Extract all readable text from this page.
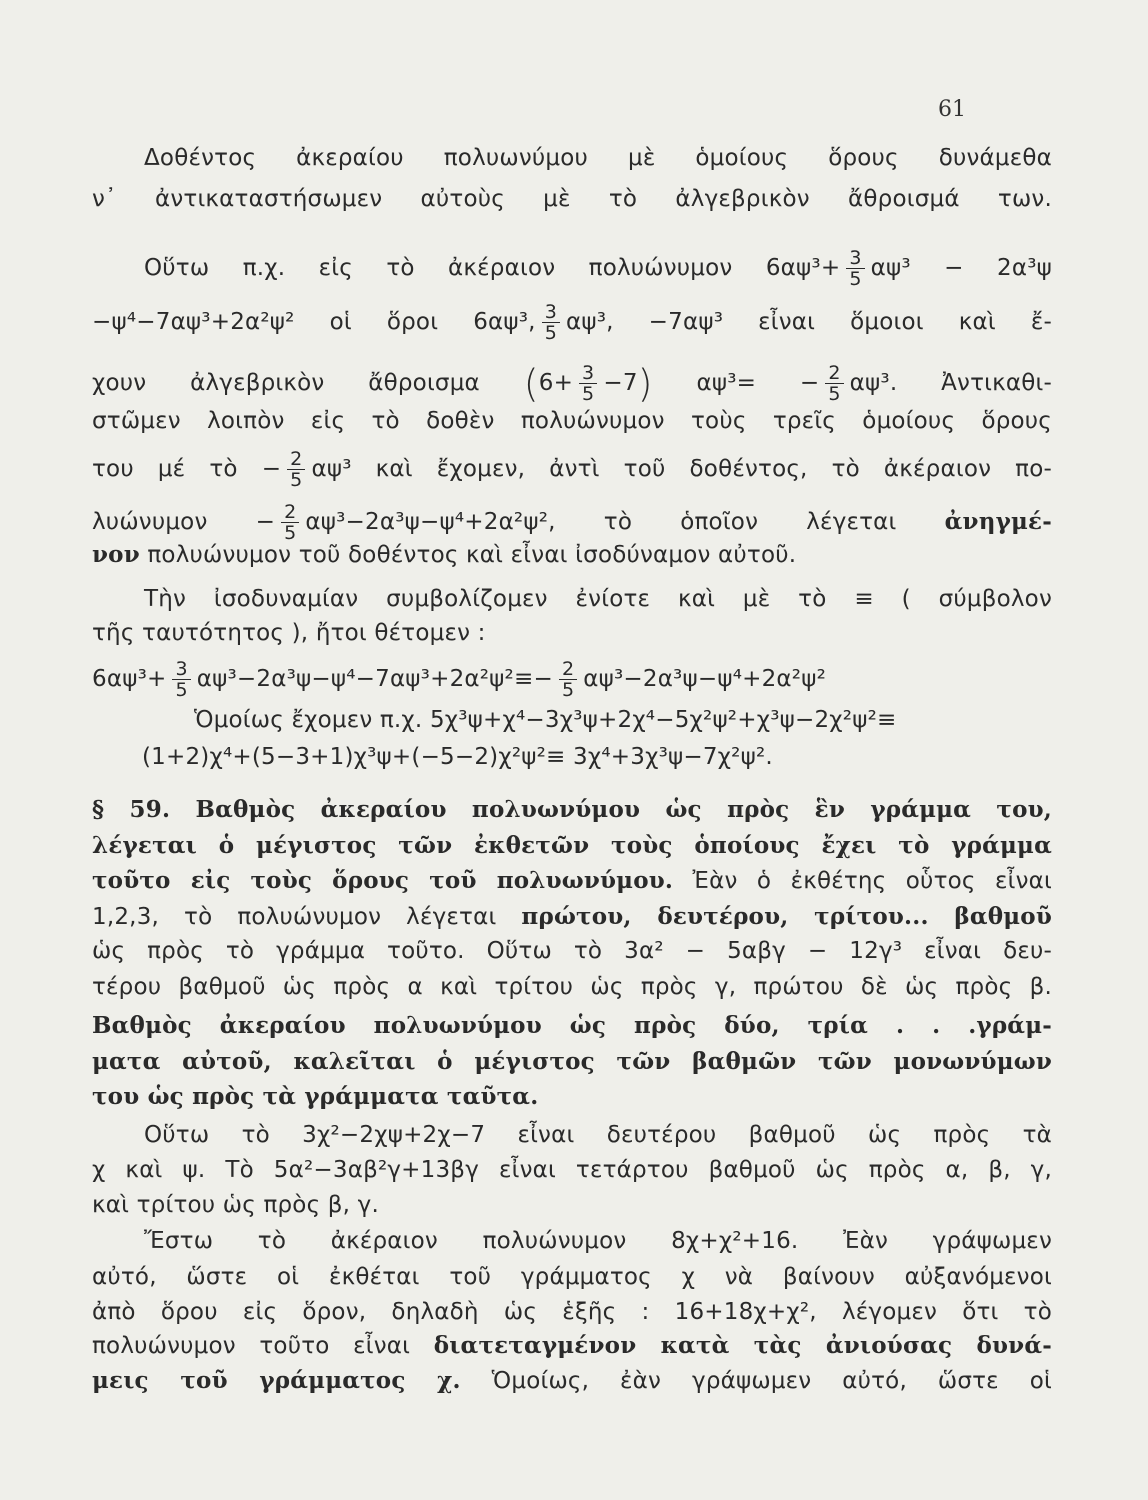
61
Δοθέντος ἀκεραίου πολυωνύμου μὲ ὁμοίους ὅρους δυνάμεθα
ν᾽ ἀντικαταστήσωμεν αὐτοὺς μὲ τὸ ἀλγεβρικὸν ἄθροισμά των.
Οὕτω π.χ. εἰς τὸ ἀκέραιον πολυώνυμον $6\alpha\psi^3+ \frac{3}{5} \alpha\psi^3 - 2\alpha^3\psi$
−ψ⁴−7αψ³+2α²ψ² οἱ ὅροι 6αψ³, $\frac{3}{5} \alpha\psi^3$, −7αψ³ εἶναι ὅμοιοι καὶ ἔ-
χουν ἀλγεβρικὸν ἄθροισμα $(6+ \frac{3}{5} -7)$ $\alpha\psi^3= - \frac{2}{5} \alpha\psi^3$. Ἀντικαθι-
στῶμεν λοιπὸν εἰς τὸ δοθὲν πολυώνυμον τοὺς τρεῖς ὁμοίους ὅρους
του μέ τὸ − $\frac{2}{5} \alpha\psi^3$ καὶ ἔχομεν, ἀντὶ τοῦ δοθέντος, τὸ ἀκέραιον πο-
$\lambda\upsilon ώ\nu\upsilon\mu o\nu - \frac{2}{5} \alpha\psi^3-2\alpha^3\psi-\psi^4+2\alpha^2\psi^2$, τὸ ὁποῖον λέγεται ἀνηγμέ-
νον πολυώνυμον τοῦ δοθέντος καὶ εἶναι ἰσοδύναμον αὐτοῦ.
Τὴν ἰσοδυναμίαν συμβολίζομεν ἐνίοτε καὶ μὲ τὸ ≡ ( σύμβολον
τῆς ταυτότητος ), ἤτοι θέτομεν :
$6\alpha\psi^3+ \frac{3}{5} \alpha\psi^3-2\alpha^3\psi-\psi^4-7\alpha\psi^3+2\alpha^2\psi^2\equiv- \frac{2}{5} \alpha\psi^3-2\alpha^3\psi-\psi^4+2\alpha^2\psi^2$
Ὁμοίως ἔχομεν π.χ. 5χ³ψ+χ⁴−3χ³ψ+2χ⁴−5χ²ψ²+χ³ψ−2χ²ψ²≡
(1+2)χ⁴+(5−3+1)χ³ψ+(−5−2)χ²ψ²≡ 3χ⁴+3χ³ψ−7χ²ψ².
§ 59. Βαθμὸς ἀκεραίου πολυωνύμου ὡς πρὸς ἓν γράμμα του,
λέγεται ὁ μέγιστος τῶν ἐκθετῶν τοὺς ὁποίους ἔχει τὸ γράμμα
τοῦτο εἰς τοὺς ὅρους τοῦ πολυωνύμου. Ἐὰν ὁ ἐκθέτης οὗτος εἶναι
1,2,3, τὸ πολυώνυμον λέγεται πρώτου, δευτέρου, τρίτου... βαθμοῦ
ὡς πρὸς τὸ γράμμα τοῦτο. Οὕτω τὸ 3α² − 5αβγ − 12γ³ εἶναι δευ-
τέρου βαθμοῦ ὡς πρὸς α καὶ τρίτου ὡς πρὸς γ, πρώτου δὲ ὡς πρὸς β.
Βαθμὸς ἀκεραίου πολυωνύμου ὡς πρὸς δύο, τρία . . .γράμ-
ματα αὐτοῦ, καλεῖται ὁ μέγιστος τῶν βαθμῶν τῶν μονωνύμων
του ὡς πρὸς τὰ γράμματα ταῦτα.
Οὕτω τὸ 3χ²−2χψ+2χ−7 εἶναι δευτέρου βαθμοῦ ὡς πρὸς τὰ
χ καὶ ψ. Τὸ 5α²−3αβ²γ+13βγ εἶναι τετάρτου βαθμοῦ ὡς πρὸς α, β, γ,
καὶ τρίτου ὡς πρὸς β, γ.
Ἔστω τὸ ἀκέραιον πολυώνυμον 8χ+χ²+16. Ἐὰν γράψωμεν
αὐτό, ὥστε οἱ ἐκθέται τοῦ γράμματος χ νὰ βαίνουν αὐξανόμενοι
ἀπὸ ὅρου εἰς ὅρον, δηλαδὴ ὡς ἑξῆς : 16+18χ+χ², λέγομεν ὅτι τὸ
πολυώνυμον τοῦτο εἶναι διατεταγμένον κατὰ τὰς ἀνιούσας δυνά-
μεις τοῦ γράμματος χ. Ὁμοίως, ἐὰν γράψωμεν αὐτό, ὥστε οἱ
